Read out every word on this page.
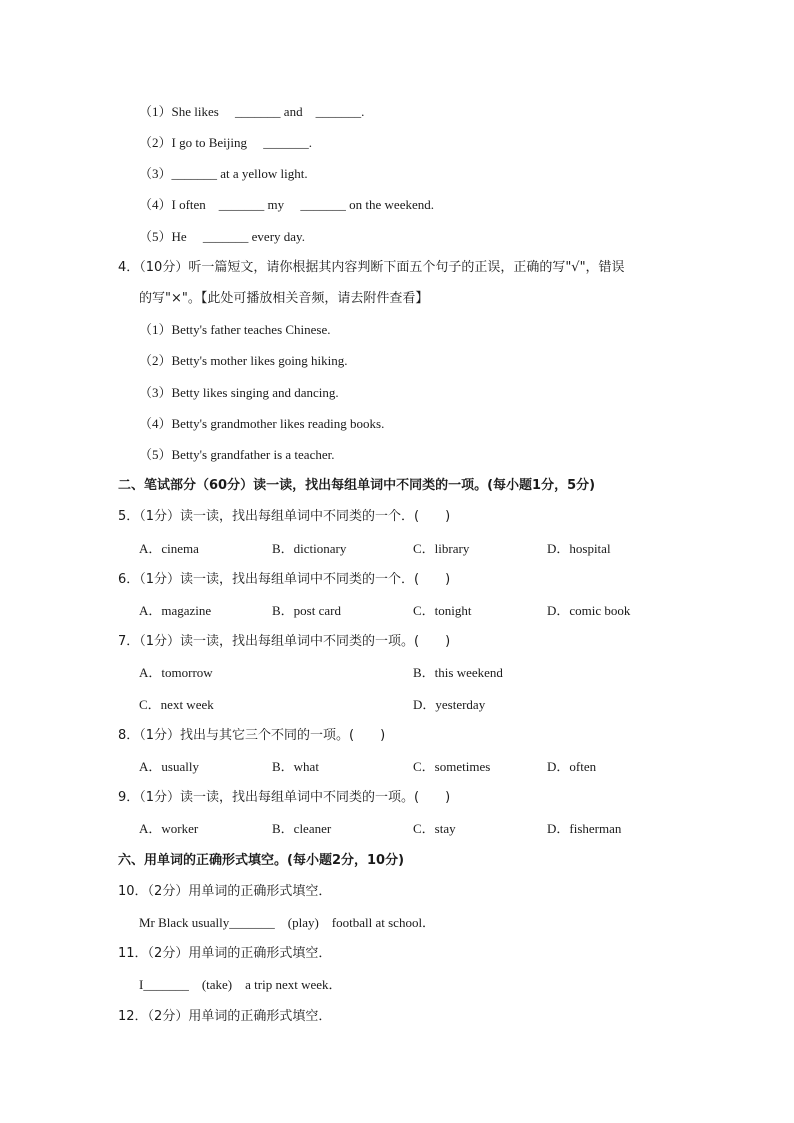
（1）She likes　 _______ and　_______.
（2）I go to Beijing　 _______.
（3）_______ at a yellow light.
（4）I often　_______ my　 _______ on the weekend.
（5）He　 _______ every day.
4．（10分）听一篇短文，请你根据其内容判断下面五个句子的正误，正确的写"√"，错误
的写"×"。【此处可播放相关音频，请去附件查看】
（1）Betty's father teaches Chinese.
（2）Betty's mother likes going hiking.
（3）Betty likes singing and dancing.
（4）Betty's grandmother likes reading books.
（5）Betty's grandfather is a teacher.
二、笔试部分（60分）读一读，找出每组单词中不同类的一项。(每小题1分，5分)
5．（1分）读一读，找出每组单词中不同类的一个．(　　)
A．cinema	B．dictionary	C．library	D．hospital
6．（1分）读一读，找出每组单词中不同类的一个．(　　)
A．magazine	B．post card	C．tonight	D．comic book
7．（1分）读一读，找出每组单词中不同类的一项。(　　)
A．tomorrow	B．this weekend
C．next week	D．yesterday
8．（1分）找出与其它三个不同的一项。(　　)
A．usually	B．what	C．sometimes	D．often
9．（1分）读一读，找出每组单词中不同类的一项。(　　)
A．worker	B．cleaner	C．stay	D．fisherman
六、用单词的正确形式填空。(每小题2分，10分)
10．（2分）用单词的正确形式填空．
Mr Black usually_______　(play)　football at school．
11．（2分）用单词的正确形式填空．
I_______　(take)　a trip next week．
12．（2分）用单词的正确形式填空．
